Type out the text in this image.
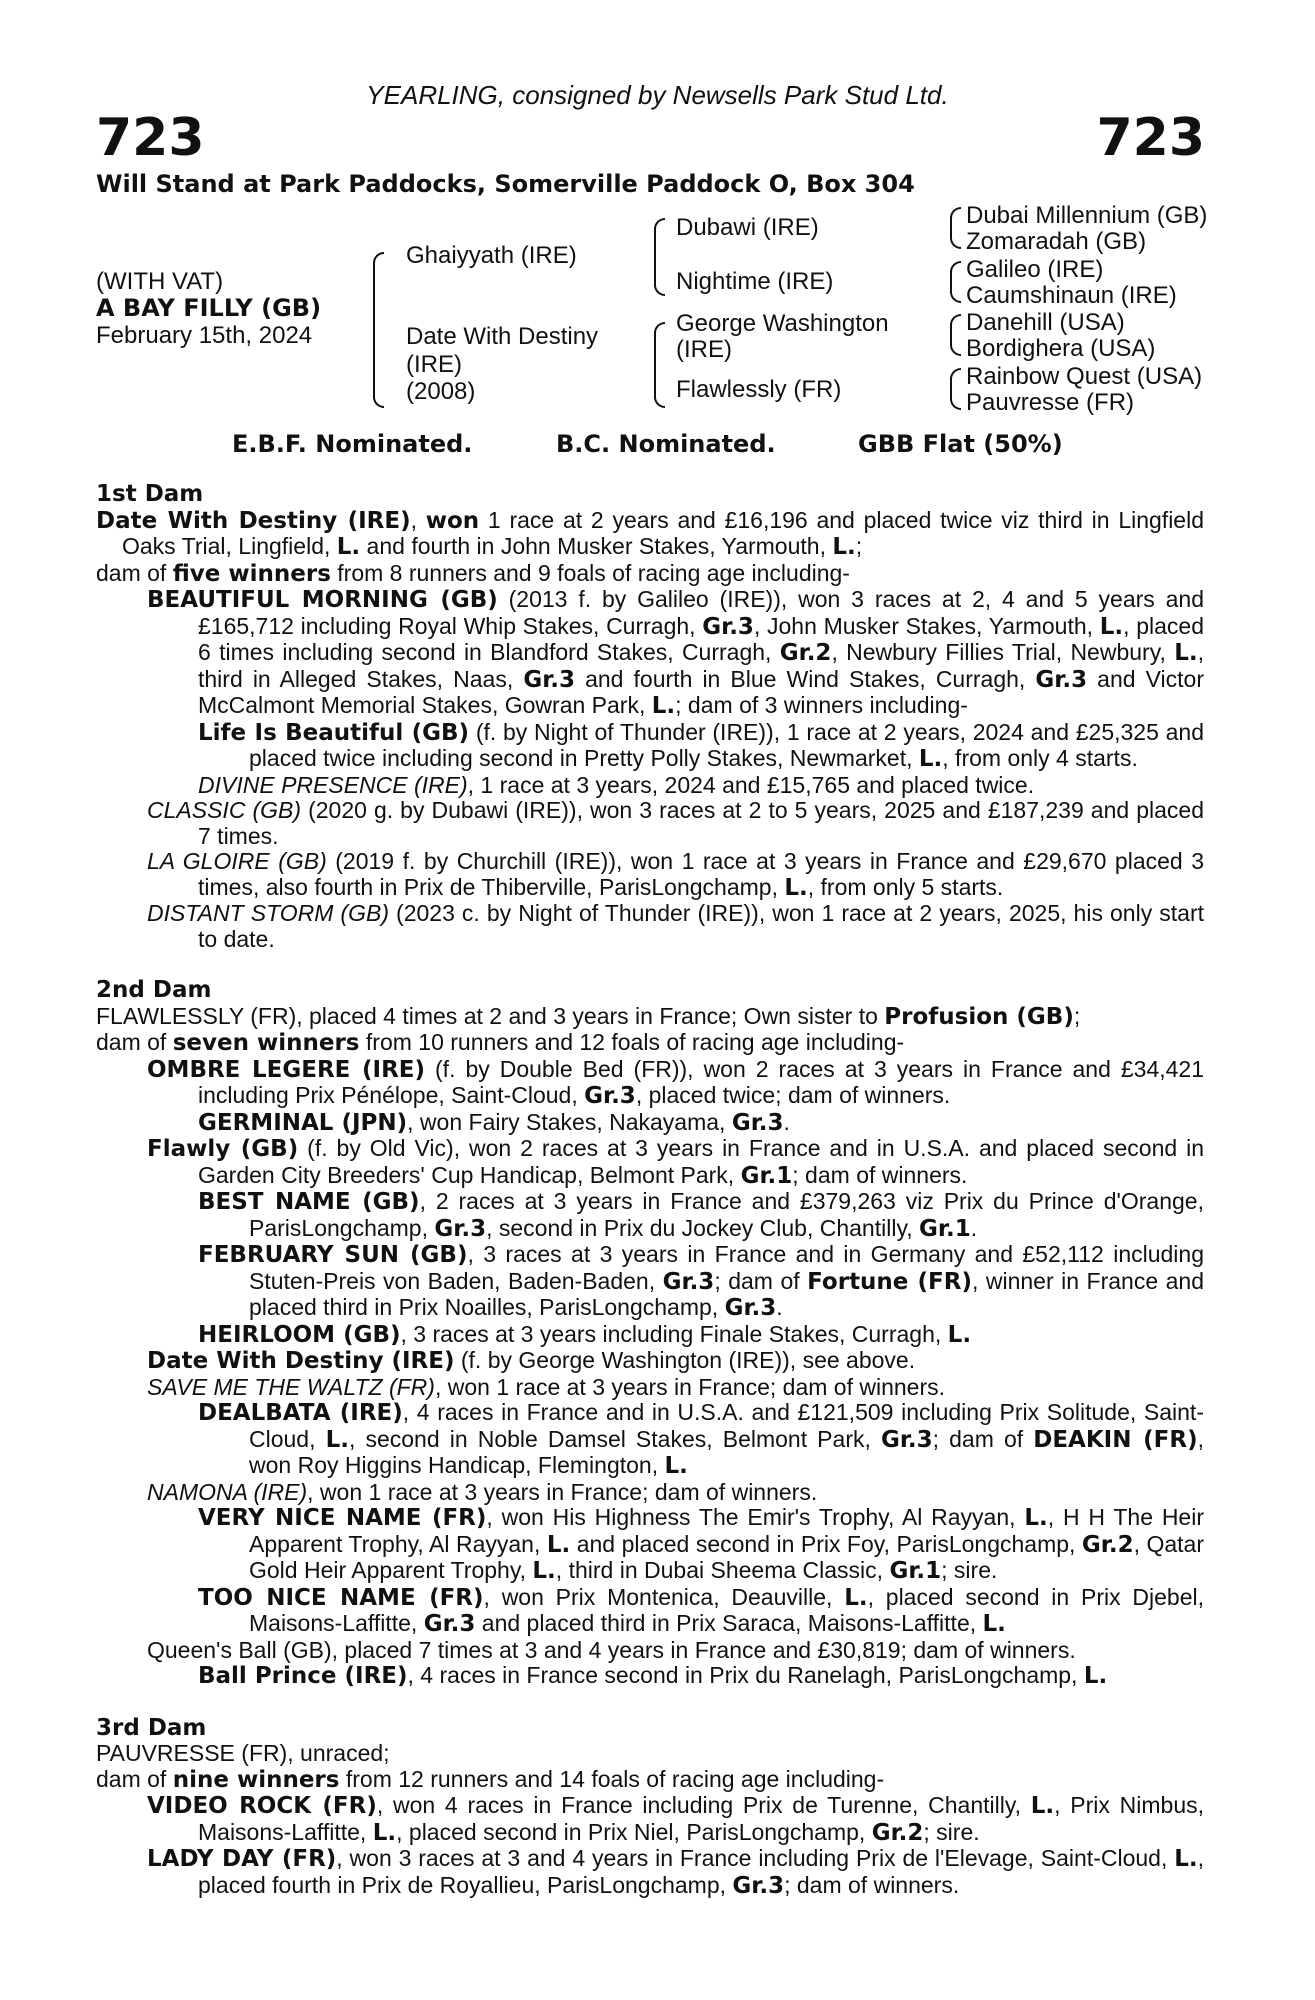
YEARLING, consigned by Newsells Park Stud Ltd.
723	723
Will Stand at Park Paddocks, Somerville Paddock O, Box 304
(WITH VAT)
A BAY FILLY (GB)
February 15th, 2024
Ghaiyyath (IRE)
Date With Destiny
(IRE)
(2008)
Dubawi (IRE)
Nightime (IRE)
George Washington
(IRE)
Flawlessly (FR)
Dubai Millennium (GB)
Zomaradah (GB)
Galileo (IRE)
Caumshinaun (IRE)
Danehill (USA)
Bordighera (USA)
Rainbow Quest (USA)
Pauvresse (FR)
E.B.F. Nominated.	B.C. Nominated.	GBB Flat (50%)
1st Dam
Date With Destiny (IRE), won 1 race at 2 years and £16,196 and placed twice viz third in Lingfield Oaks Trial, Lingfield, L. and fourth in John Musker Stakes, Yarmouth, L.;
dam of five winners from 8 runners and 9 foals of racing age including-
BEAUTIFUL MORNING (GB) (2013 f. by Galileo (IRE)), won 3 races at 2, 4 and 5 years and £165,712 including Royal Whip Stakes, Curragh, Gr.3, John Musker Stakes, Yarmouth, L., placed 6 times including second in Blandford Stakes, Curragh, Gr.2, Newbury Fillies Trial, Newbury, L., third in Alleged Stakes, Naas, Gr.3 and fourth in Blue Wind Stakes, Curragh, Gr.3 and Victor McCalmont Memorial Stakes, Gowran Park, L.; dam of 3 winners including-
Life Is Beautiful (GB) (f. by Night of Thunder (IRE)), 1 race at 2 years, 2024 and £25,325 and placed twice including second in Pretty Polly Stakes, Newmarket, L., from only 4 starts.
DIVINE PRESENCE (IRE), 1 race at 3 years, 2024 and £15,765 and placed twice.
CLASSIC (GB) (2020 g. by Dubawi (IRE)), won 3 races at 2 to 5 years, 2025 and £187,239 and placed 7 times.
LA GLOIRE (GB) (2019 f. by Churchill (IRE)), won 1 race at 3 years in France and £29,670 placed 3 times, also fourth in Prix de Thiberville, ParisLongchamp, L., from only 5 starts.
DISTANT STORM (GB) (2023 c. by Night of Thunder (IRE)), won 1 race at 2 years, 2025, his only start to date.
2nd Dam
FLAWLESSLY (FR), placed 4 times at 2 and 3 years in France; Own sister to Profusion (GB);
dam of seven winners from 10 runners and 12 foals of racing age including-
OMBRE LEGERE (IRE) (f. by Double Bed (FR)), won 2 races at 3 years in France and £34,421 including Prix Pénélope, Saint-Cloud, Gr.3, placed twice; dam of winners.
GERMINAL (JPN), won Fairy Stakes, Nakayama, Gr.3.
Flawly (GB) (f. by Old Vic), won 2 races at 3 years in France and in U.S.A. and placed second in Garden City Breeders' Cup Handicap, Belmont Park, Gr.1; dam of winners.
BEST NAME (GB), 2 races at 3 years in France and £379,263 viz Prix du Prince d'Orange, ParisLongchamp, Gr.3, second in Prix du Jockey Club, Chantilly, Gr.1.
FEBRUARY SUN (GB), 3 races at 3 years in France and in Germany and £52,112 including Stuten-Preis von Baden, Baden-Baden, Gr.3; dam of Fortune (FR), winner in France and placed third in Prix Noailles, ParisLongchamp, Gr.3.
HEIRLOOM (GB), 3 races at 3 years including Finale Stakes, Curragh, L.
Date With Destiny (IRE) (f. by George Washington (IRE)), see above.
SAVE ME THE WALTZ (FR), won 1 race at 3 years in France; dam of winners.
DEALBATA (IRE), 4 races in France and in U.S.A. and £121,509 including Prix Solitude, Saint-Cloud, L., second in Noble Damsel Stakes, Belmont Park, Gr.3; dam of DEAKIN (FR), won Roy Higgins Handicap, Flemington, L.
NAMONA (IRE), won 1 race at 3 years in France; dam of winners.
VERY NICE NAME (FR), won His Highness The Emir's Trophy, Al Rayyan, L., H H The Heir Apparent Trophy, Al Rayyan, L. and placed second in Prix Foy, ParisLongchamp, Gr.2, Qatar Gold Heir Apparent Trophy, L., third in Dubai Sheema Classic, Gr.1; sire.
TOO NICE NAME (FR), won Prix Montenica, Deauville, L., placed second in Prix Djebel, Maisons-Laffitte, Gr.3 and placed third in Prix Saraca, Maisons-Laffitte, L.
Queen's Ball (GB), placed 7 times at 3 and 4 years in France and £30,819; dam of winners.
Ball Prince (IRE), 4 races in France second in Prix du Ranelagh, ParisLongchamp, L.
3rd Dam
PAUVRESSE (FR), unraced;
dam of nine winners from 12 runners and 14 foals of racing age including-
VIDEO ROCK (FR), won 4 races in France including Prix de Turenne, Chantilly, L., Prix Nimbus, Maisons-Laffitte, L., placed second in Prix Niel, ParisLongchamp, Gr.2; sire.
LADY DAY (FR), won 3 races at 3 and 4 years in France including Prix de l'Elevage, Saint-Cloud, L., placed fourth in Prix de Royallieu, ParisLongchamp, Gr.3; dam of winners.
